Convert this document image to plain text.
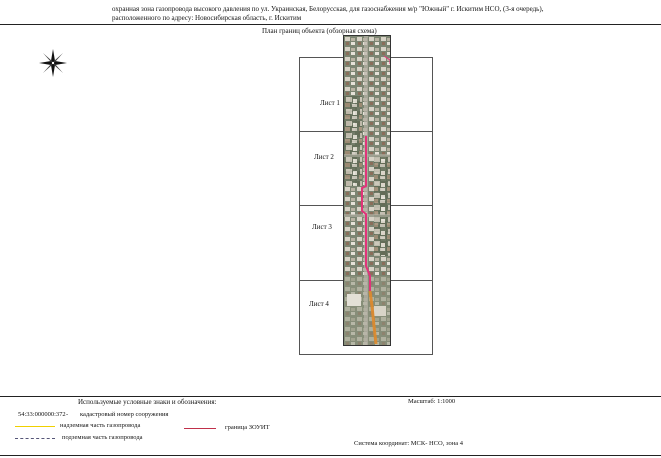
охранная зона газопровода высокого давления по ул. Украинская, Белорусская, для газоснабжения м/р "Южный" г. Искитим НСО, (3-я очередь),
расположенного по адресу: Новосибирская область, г. Искитим
План границ объекта (обзорная схема)
Лист 1
Лист 2
Лист 3
Лист 4
Используемые условные знаки и обозначения:
54:33:000000:372 - кадастровый номер сооружения
надземная часть газопровода
подземная часть газопровода
граница ЗОУИТ
Масштаб: 1:1000
Система координат: МСК- НСО, зона 4
